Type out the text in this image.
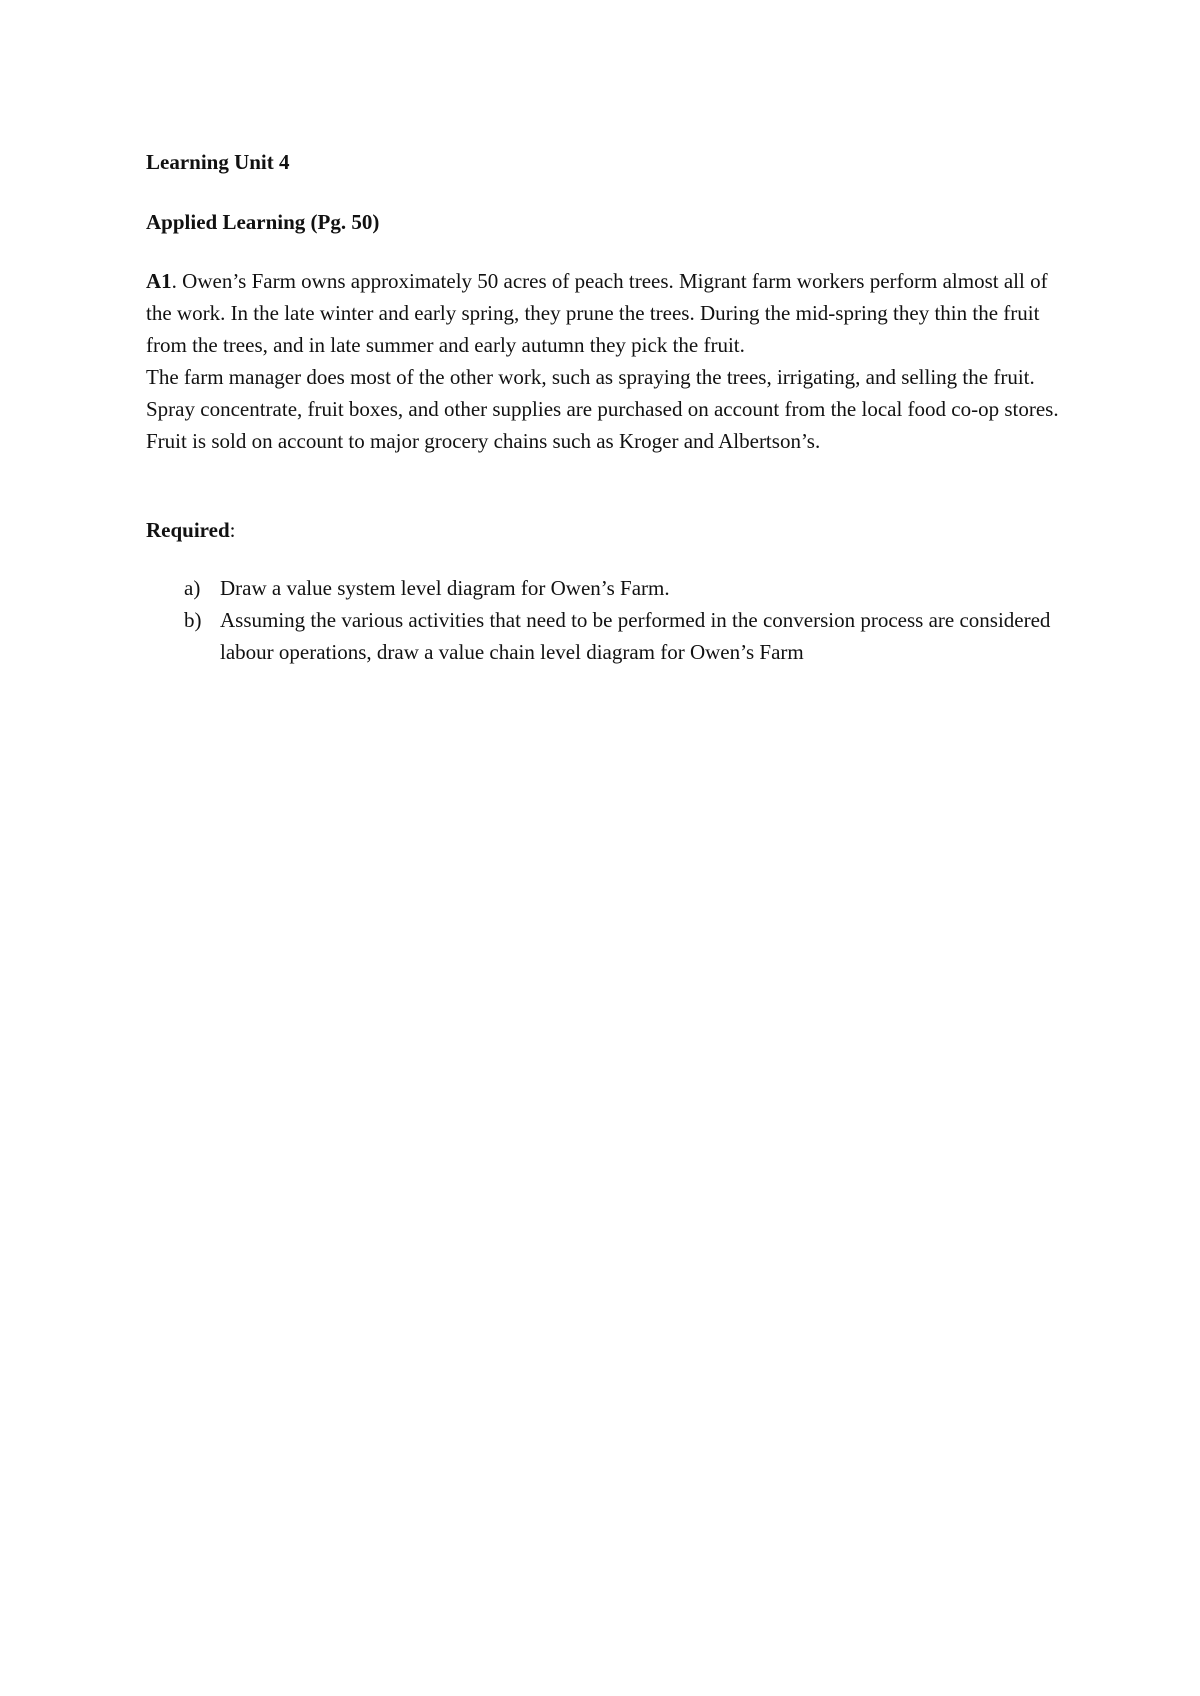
Learning Unit 4

Applied Learning (Pg. 50)

A1. Owen’s Farm owns approximately 50 acres of peach trees. Migrant farm workers perform almost all of the work. In the late winter and early spring, they prune the trees. During the mid-spring they thin the fruit from the trees, and in late summer and early autumn they pick the fruit.

The farm manager does most of the other work, such as spraying the trees, irrigating, and selling the fruit. Spray concentrate, fruit boxes, and other supplies are purchased on account from the local food co-op stores. Fruit is sold on account to major grocery chains such as Kroger and Albertson’s.

Required:

a) Draw a value system level diagram for Owen’s Farm.
b) Assuming the various activities that need to be performed in the conversion process are considered labour operations, draw a value chain level diagram for Owen’s Farm
